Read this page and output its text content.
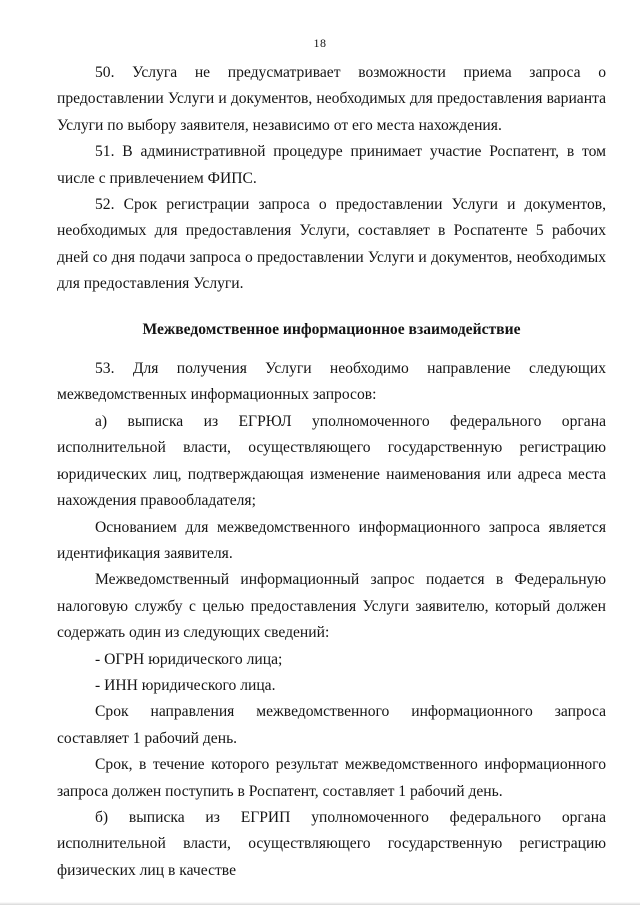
18

50. Услуга не предусматривает возможности приема запроса о предоставлении Услуги и документов, необходимых для предоставления варианта Услуги по выбору заявителя, независимо от его места нахождения.

51. В административной процедуре принимает участие Роспатент, в том числе с привлечением ФИПС.

52. Срок регистрации запроса о предоставлении Услуги и документов, необходимых для предоставления Услуги, составляет в Роспатенте 5 рабочих дней со дня подачи запроса о предоставлении Услуги и документов, необходимых для предоставления Услуги.

Межведомственное информационное взаимодействие

53. Для получения Услуги необходимо направление следующих межведомственных информационных запросов:

а) выписка из ЕГРЮЛ уполномоченного федерального органа исполнительной власти, осуществляющего государственную регистрацию юридических лиц, подтверждающая изменение наименования или адреса места нахождения правообладателя;

Основанием для межведомственного информационного запроса является идентификация заявителя.

Межведомственный информационный запрос подается в Федеральную налоговую службу с целью предоставления Услуги заявителю, который должен содержать один из следующих сведений:

- ОГРН юридического лица;

- ИНН юридического лица.

Срок направления межведомственного информационного запроса составляет 1 рабочий день.

Срок, в течение которого результат межведомственного информационного запроса должен поступить в Роспатент, составляет 1 рабочий день.

б) выписка из ЕГРИП уполномоченного федерального органа исполнительной власти, осуществляющего государственную регистрацию физических лиц в качестве
